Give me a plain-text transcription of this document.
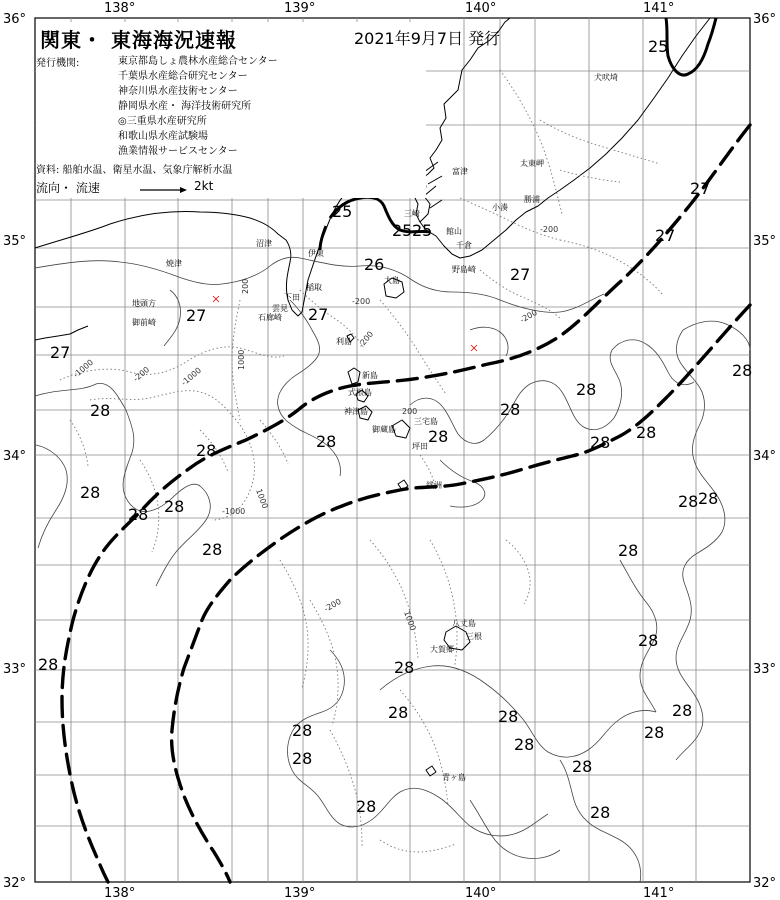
138°	139°	140°	141°
138°	139°	140°	141°
36°
35°
34°
33°
32°
36°
35°
34°
33°
32°
25
25
25
25
26
27
27
27
27	27
27
28
28
28	28	28
28 28
28
28
28
28
28
28
28 28
28
28
28
28
28	28	28
28
28
28
28
28
28
28
-200
200
-200
-1000	-200
1000
-1000
1000
-200
-200
200
-1000
1000
-200
富津
三崎
館山
小湊
勝浦
千倉
野島崎
太東岬
犬吠埼
大島
伊東
稲取
下田
石廊崎
雲見
沼津
焼津
地頭方
御前崎
利島
新島
式根島
神津島
三宅島
御蔵島
坪田
八丈島
三根
大賀郷
青ヶ島
銭洲
関東・ 東海海況速報	2021年9月7日 発行
発行機関:	東京都島しょ農林水産総合センター
千葉県水産総合研究センター
神奈川県水産技術センター
静岡県水産・ 海洋技術研究所
◎三重県水産研究所
和歌山県水産試験場
漁業情報サービスセンター
資料: 船舶水温、衛星水温、気象庁解析水温
流向・ 流速	2kt
